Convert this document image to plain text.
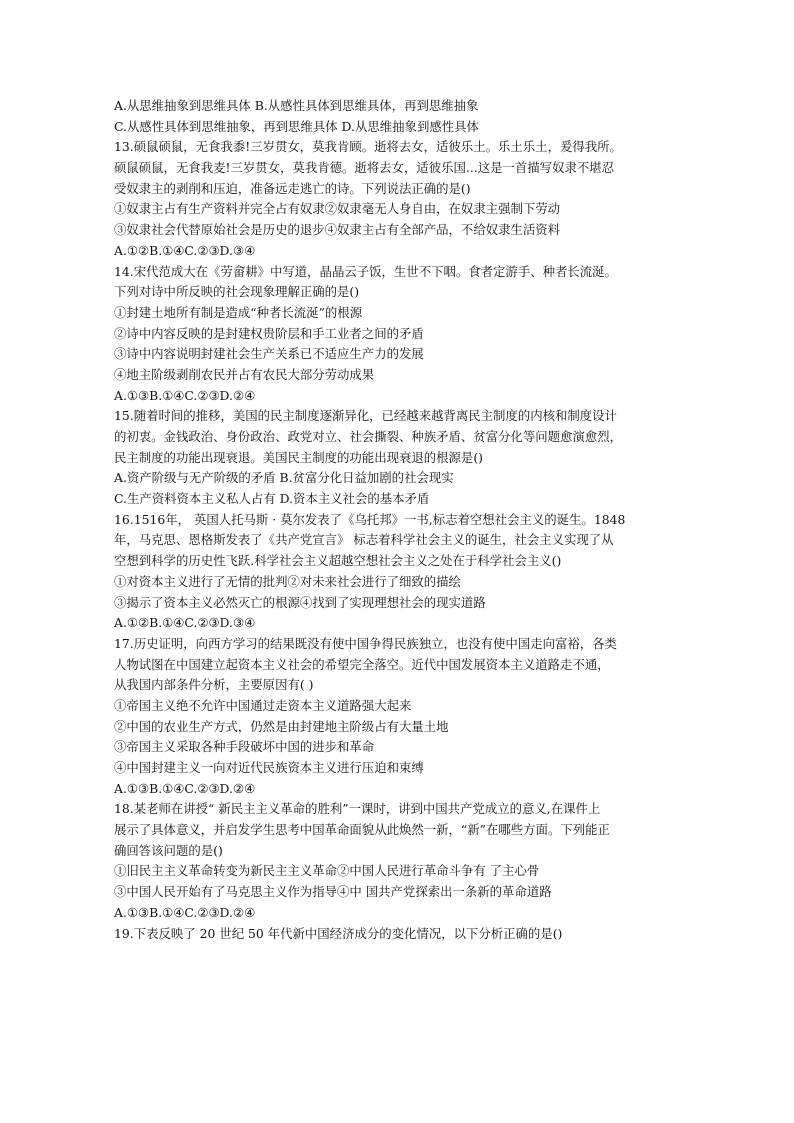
A.从思维抽象到思维具体 B.从感性具体到思维具体，再到思维抽象
C.从感性具体到思维抽象，再到思维具体 D.从思维抽象到感性具体
13.硕鼠硕鼠，无食我黍!三岁贯女，莫我肯顾。逝将去女，适彼乐土。乐土乐土，爰得我所。
硕鼠硕鼠，无食我麦!三岁贯女，莫我肯德。逝将去女，适彼乐国...这是一首描写奴隶不堪忍
受奴隶主的剥削和压迫，准备远走逃亡的诗。下列说法正确的是()
①奴隶主占有生产资料并完全占有奴隶②奴隶毫无人身自由，在奴隶主强制下劳动
③奴隶社会代替原始社会是历史的退步④奴隶主占有全部产品，不给奴隶生活资料
A.①②B.①④C.②③D.③④
14.宋代范成大在《劳畲耕》中写道，晶晶云子饭，生世不下咽。食者定游手、种者长流涎。
下列对诗中所反映的社会现象理解正确的是()
①封建土地所有制是造成“种者长流涎”的根源
②诗中内容反映的是封建权贵阶层和手工业者之间的矛盾
③诗中内容说明封建社会生产关系已不适应生产力的发展
④地主阶级剥削农民并占有农民大部分劳动成果
A.①③B.①④C.②③D.②④
15.随着时间的推移，美国的民主制度逐渐异化，已经越来越背离民主制度的内核和制度设计
的初衷。金钱政治、身份政治、政党对立、社会撕裂、种族矛盾、贫富分化等问题愈演愈烈，
民主制度的功能出现衰退。美国民主制度的功能出现衰退的根源是()
A.资产阶级与无产阶级的矛盾 B.贫富分化日益加剧的社会现实
C.生产资料资本主义私人占有 D.资本主义社会的基本矛盾
16.1516年， 英国人托马斯 · 莫尔发表了《乌托邦》一书,标志着空想社会主义的诞生。1848
年，马克思、恩格斯发表了《共产党宣言》 标志着科学社会主义的诞生，社会主义实现了从
空想到科学的历史性飞跃.科学社会主义超越空想社会主义之处在于科学社会主义()
①对资本主义进行了无情的批判②对未来社会进行了细致的描绘
③揭示了资本主义必然灭亡的根源④找到了实现理想社会的现实道路
A.①②B.①④C.②③D.③④
17.历史证明，向西方学习的结果既没有使中国争得民族独立，也没有使中国走向富裕，各类
人物试图在中国建立起资本主义社会的希望完全落空。近代中国发展资本主义道路走不通，
从我国内部条件分析，主要原因有( )
①帝国主义绝不允许中国通过走资本主义道路强大起来
②中国的农业生产方式，仍然是由封建地主阶级占有大量土地
③帝国主义采取各种手段破坏中国的进步和革命
④中国封建主义一向对近代民族资本主义进行压迫和束缚
A.①③B.①④C.②③D.②④
18.某老师在讲授“ 新民主主义革命的胜利”一课时，讲到中国共产党成立的意义,在课件上
展示了具体意义，并启发学生思考中国革命面貌从此焕然一新，“新”在哪些方面。下列能正
确回答该问题的是()
①旧民主主义革命转变为新民主主义革命②中国人民进行革命斗争有 了主心骨
③中国人民开始有了马克思主义作为指导④中 国共产党探索出一条新的革命道路
A.①③B.①④C.②③D.②④
19.下表反映了 20 世纪 50 年代新中国经济成分的变化情况，以下分析正确的是()
